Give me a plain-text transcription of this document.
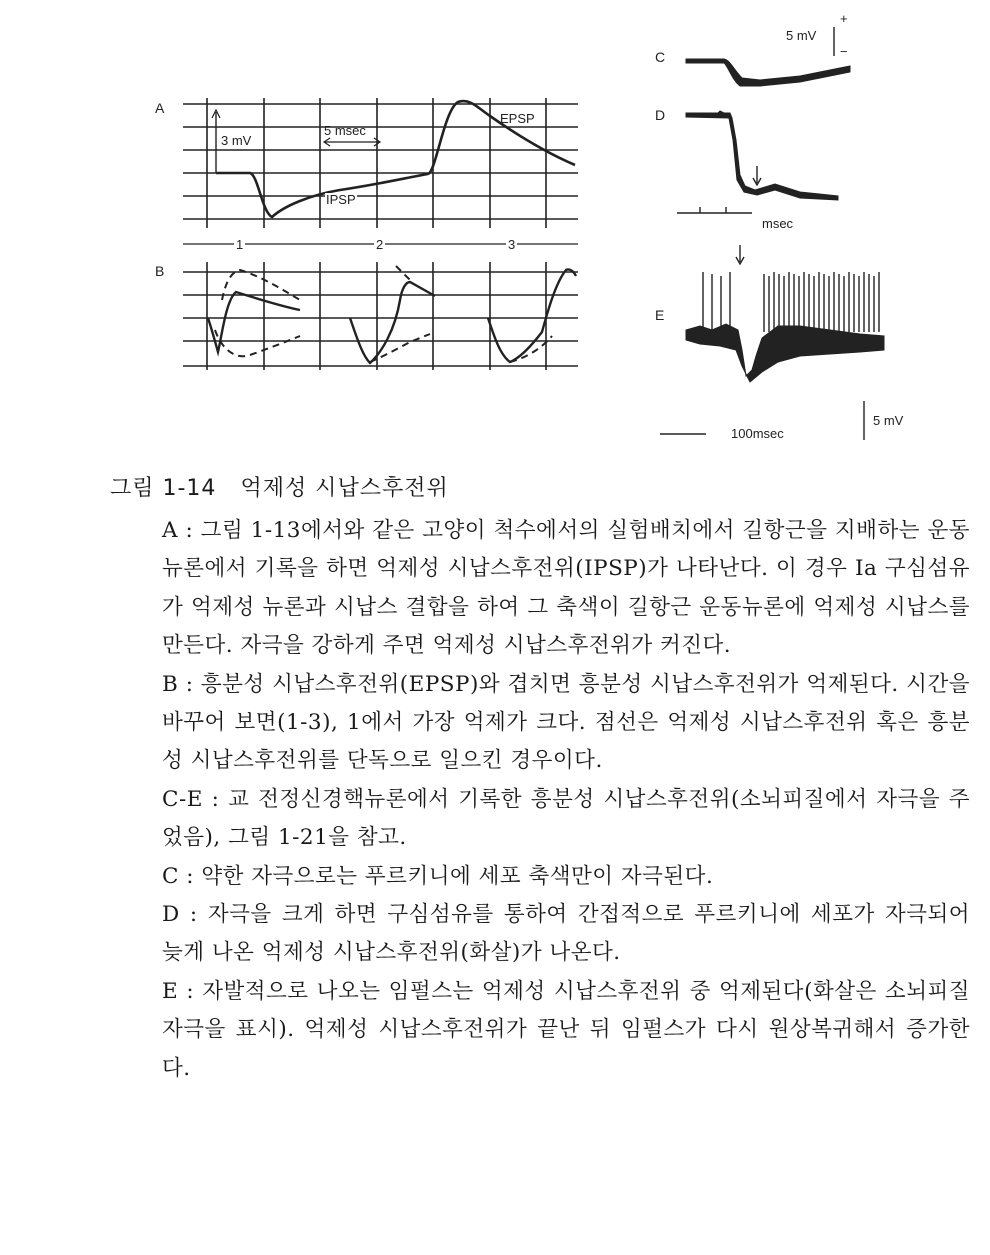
A
B
C
D
E
3 mV
5 msec
EPSP
IPSP
1	2	3
5 mV
+
−
msec
100msec
5 mV
그림 1-14 억제성 시납스후전위

A : 그림 1-13에서와 같은 고양이 척수에서의 실험배치에서 길항근을 지배하는 운동뉴론에서 기록을 하면 억제성 시납스후전위(IPSP)가 나타난다. 이 경우 Ia 구심섬유가 억제성 뉴론과 시납스 결합을 하여 그 축색이 길항근 운동뉴론에 억제성 시납스를 만든다. 자극을 강하게 주면 억제성 시납스후전위가 커진다.

B : 흥분성 시납스후전위(EPSP)와 겹치면 흥분성 시납스후전위가 억제된다. 시간을 바꾸어 보면(1-3), 1에서 가장 억제가 크다. 점선은 억제성 시납스후전위 혹은 흥분성 시납스후전위를 단독으로 일으킨 경우이다.

C-E : 교 전정신경핵뉴론에서 기록한 흥분성 시납스후전위(소뇌피질에서 자극을 주었음), 그림 1-21을 참고.

C : 약한 자극으로는 푸르키니에 세포 축색만이 자극된다.

D : 자극을 크게 하면 구심섬유를 통하여 간접적으로 푸르키니에 세포가 자극되어 늦게 나온 억제성 시납스후전위(화살)가 나온다.

E : 자발적으로 나오는 임펄스는 억제성 시납스후전위 중 억제된다(화살은 소뇌피질자극을 표시). 억제성 시납스후전위가 끝난 뒤 임펄스가 다시 원상복귀해서 증가한다.
